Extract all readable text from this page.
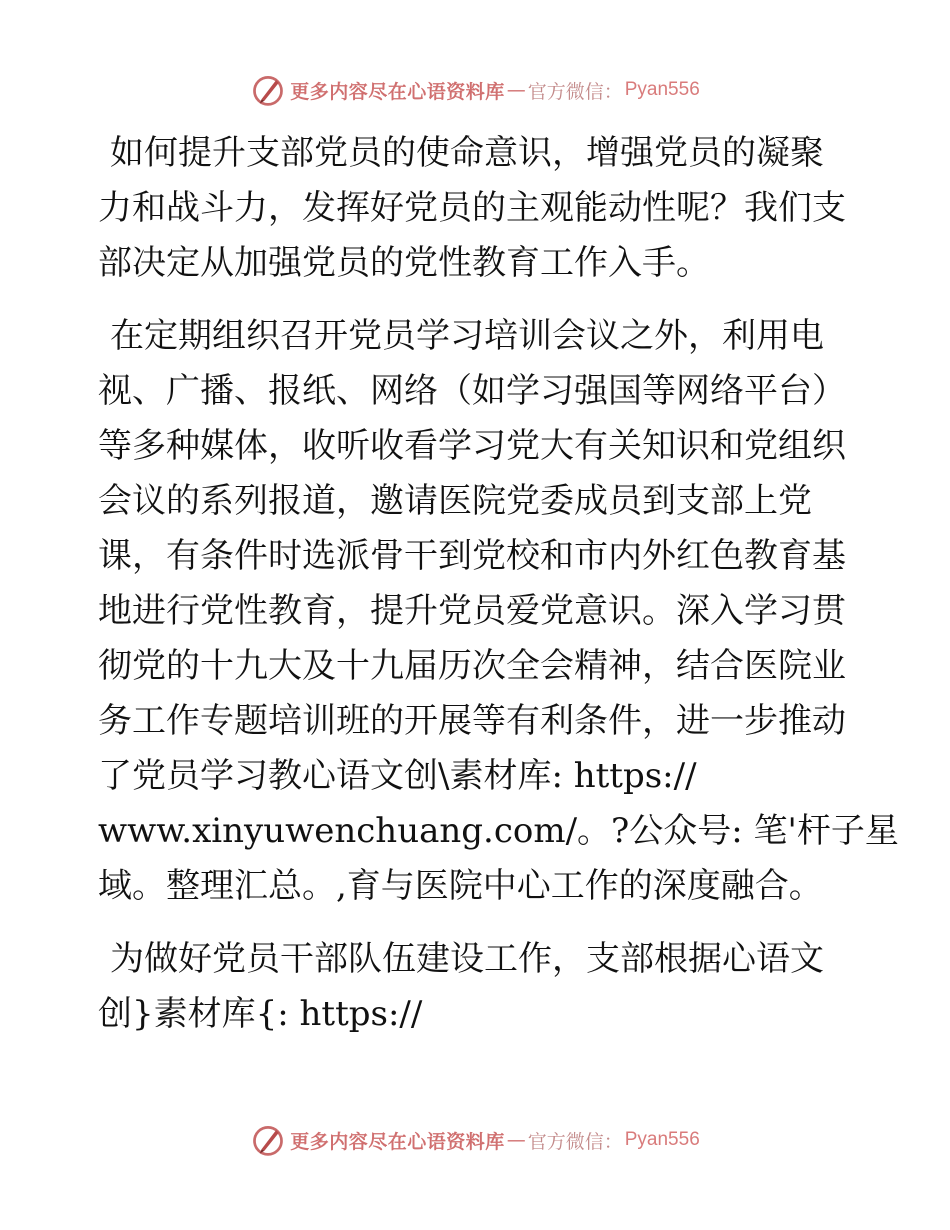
更多内容尽在心语资料库 — 官方微信： Pyan556
如何提升支部党员的使命意识，增强党员的凝聚
力和战斗力，发挥好党员的主观能动性呢？我们支
部决定从加强党员的党性教育工作入手。
在定期组织召开党员学习培训会议之外，利用电
视、广播、报纸、网络（如学习强国等网络平台）
等多种媒体，收听收看学习党大有关知识和党组织
会议的系列报道，邀请医院党委成员到支部上党
课，有条件时选派骨干到党校和市内外红色教育基
地进行党性教育，提升党员爱党意识。深入学习贯
彻党的十九大及十九届历次全会精神，结合医院业
务工作专题培训班的开展等有利条件，进一步推动
了党员学习教心语文创\素材库: https://
www.xinyuwenchuang.com/。?公众号: 笔'杆子星
域。整理汇总。,育与医院中心工作的深度融合。
为做好党员干部队伍建设工作，支部根据心语文
创}素材库{: https://
更多内容尽在心语资料库 — 官方微信： Pyan556
